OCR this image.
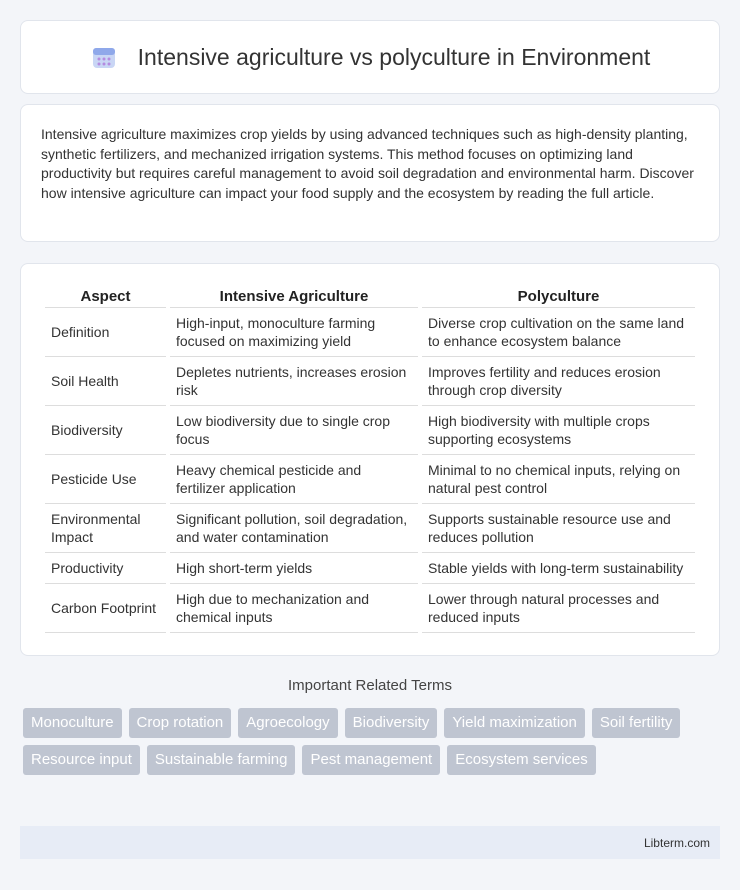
Intensive agriculture vs polyculture in Environment

Intensive agriculture maximizes crop yields by using advanced techniques such as high-density planting, synthetic fertilizers, and mechanized irrigation systems. This method focuses on optimizing land productivity but requires careful management to avoid soil degradation and environmental harm. Discover how intensive agriculture can impact your food supply and the ecosystem by reading the full article.

Aspect	Intensive Agriculture	Polyculture
Definition	High-input, monoculture farming focused on maximizing yield	Diverse crop cultivation on the same land to enhance ecosystem balance
Soil Health	Depletes nutrients, increases erosion risk	Improves fertility and reduces erosion through crop diversity
Biodiversity	Low biodiversity due to single crop focus	High biodiversity with multiple crops supporting ecosystems
Pesticide Use	Heavy chemical pesticide and fertilizer application	Minimal to no chemical inputs, relying on natural pest control
Environmental Impact	Significant pollution, soil degradation, and water contamination	Supports sustainable resource use and reduces pollution
Productivity	High short-term yields	Stable yields with long-term sustainability
Carbon Footprint	High due to mechanization and chemical inputs	Lower through natural processes and reduced inputs
Important Related Terms
Monoculture	Crop rotation	Agroecology	Biodiversity	Yield maximization	Soil fertility
Resource input	Sustainable farming	Pest management	Ecosystem services
Libterm.com
